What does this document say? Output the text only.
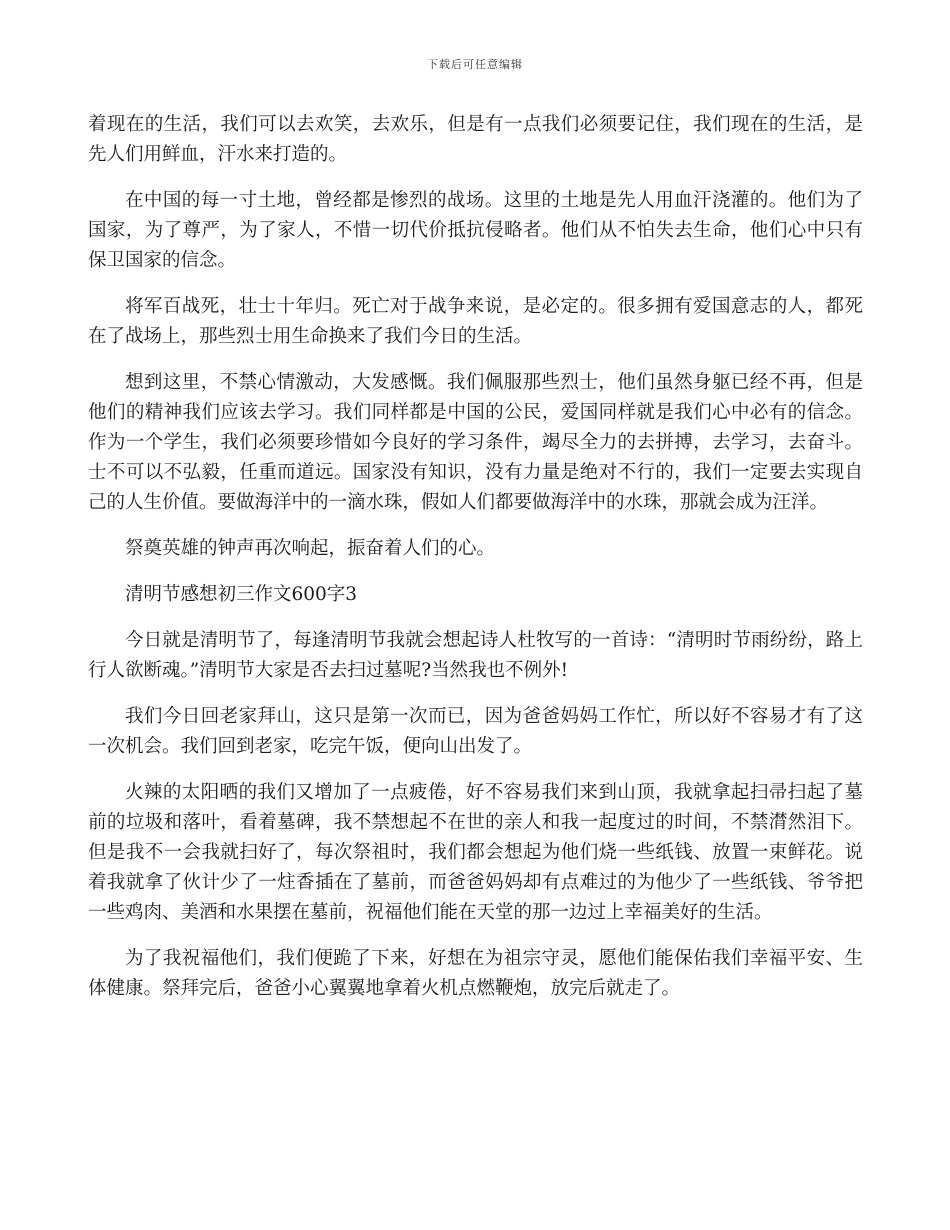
下载后可任意编辑

着现在的生活，我们可以去欢笑，去欢乐，但是有一点我们必须要记住，我们现在的生活，是先人们用鲜血，汗水来打造的。

在中国的每一寸土地，曾经都是惨烈的战场。这里的土地是先人用血汗浇灌的。他们为了国家，为了尊严，为了家人，不惜一切代价抵抗侵略者。他们从不怕失去生命，他们心中只有保卫国家的信念。

将军百战死，壮士十年归。死亡对于战争来说，是必定的。很多拥有爱国意志的人，都死在了战场上，那些烈士用生命换来了我们今日的生活。

想到这里，不禁心情激动，大发感慨。我们佩服那些烈士，他们虽然身躯已经不再，但是他们的精神我们应该去学习。我们同样都是中国的公民，爱国同样就是我们心中必有的信念。作为一个学生，我们必须要珍惜如今良好的学习条件，竭尽全力的去拼搏，去学习，去奋斗。士不可以不弘毅，任重而道远。国家没有知识，没有力量是绝对不行的，我们一定要去实现自己的人生价值。要做海洋中的一滴水珠，假如人们都要做海洋中的水珠，那就会成为汪洋。

祭奠英雄的钟声再次响起，振奋着人们的心。

清明节感想初三作文600字3

今日就是清明节了，每逢清明节我就会想起诗人杜牧写的一首诗：“清明时节雨纷纷，路上行人欲断魂。”清明节大家是否去扫过墓呢?当然我也不例外!

我们今日回老家拜山，这只是第一次而已，因为爸爸妈妈工作忙，所以好不容易才有了这一次机会。我们回到老家，吃完午饭，便向山出发了。

火辣的太阳晒的我们又增加了一点疲倦，好不容易我们来到山顶，我就拿起扫帚扫起了墓前的垃圾和落叶，看着墓碑，我不禁想起不在世的亲人和我一起度过的时间，不禁潸然泪下。但是我不一会我就扫好了，每次祭祖时，我们都会想起为他们烧一些纸钱、放置一束鲜花。说着我就拿了伙计少了一炷香插在了墓前，而爸爸妈妈却有点难过的为他少了一些纸钱、爷爷把一些鸡肉、美酒和水果摆在墓前，祝福他们能在天堂的那一边过上幸福美好的生活。

为了我祝福他们，我们便跪了下来，好想在为祖宗守灵，愿他们能保佑我们幸福平安、生体健康。祭拜完后，爸爸小心翼翼地拿着火机点燃鞭炮，放完后就走了。
